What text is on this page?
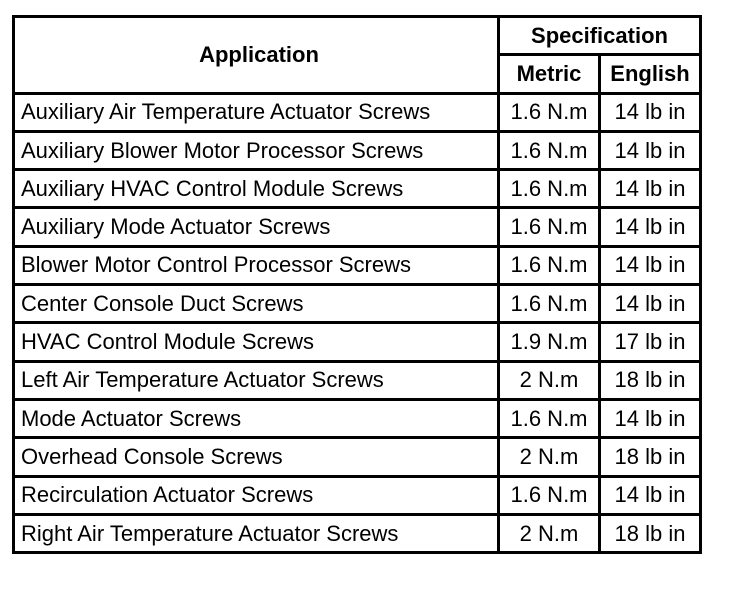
Application	Specification	
	Metric	English
Auxiliary Air Temperature Actuator Screws	1.6 N.m	14 lb in
Auxiliary Blower Motor Processor Screws	1.6 N.m	14 lb in
Auxiliary HVAC Control Module Screws	1.6 N.m	14 lb in
Auxiliary Mode Actuator Screws	1.6 N.m	14 lb in
Blower Motor Control Processor Screws	1.6 N.m	14 lb in
Center Console Duct Screws	1.6 N.m	14 lb in
HVAC Control Module Screws	1.9 N.m	17 lb in
Left Air Temperature Actuator Screws	2 N.m	18 lb in
Mode Actuator Screws	1.6 N.m	14 lb in
Overhead Console Screws	2 N.m	18 lb in
Recirculation Actuator Screws	1.6 N.m	14 lb in
Right Air Temperature Actuator Screws	2 N.m	18 lb in
